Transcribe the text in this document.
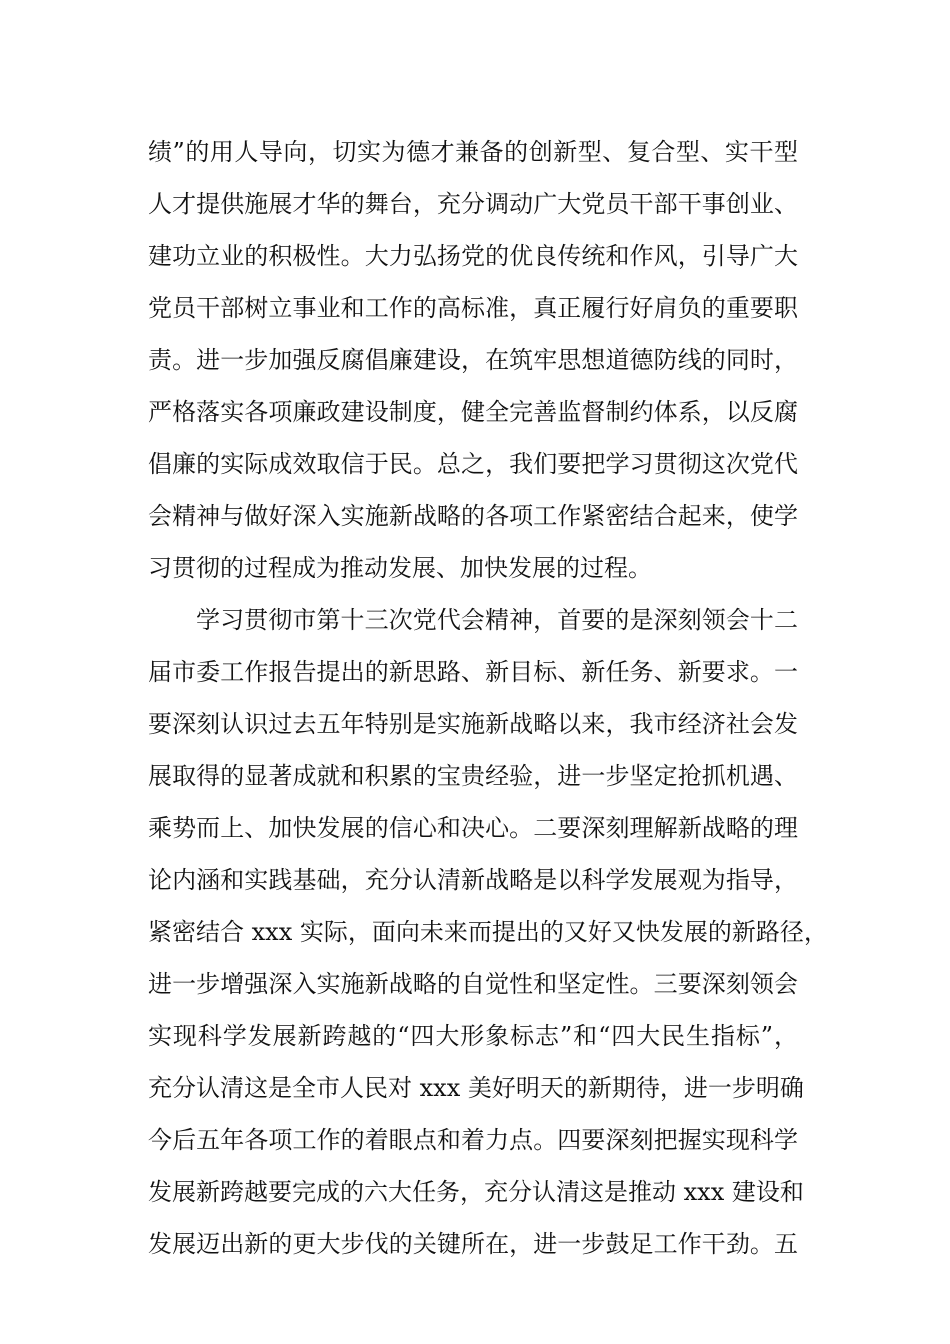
绩”的用人导向，切实为德才兼备的创新型、复合型、实干型
人才提供施展才华的舞台，充分调动广大党员干部干事创业、
建功立业的积极性。大力弘扬党的优良传统和作风，引导广大
党员干部树立事业和工作的高标准，真正履行好肩负的重要职
责。进一步加强反腐倡廉建设，在筑牢思想道德防线的同时，
严格落实各项廉政建设制度，健全完善监督制约体系，以反腐
倡廉的实际成效取信于民。总之，我们要把学习贯彻这次党代
会精神与做好深入实施新战略的各项工作紧密结合起来，使学
习贯彻的过程成为推动发展、加快发展的过程。
学习贯彻市第十三次党代会精神，首要的是深刻领会十二
届市委工作报告提出的新思路、新目标、新任务、新要求。一
要深刻认识过去五年特别是实施新战略以来，我市经济社会发
展取得的显著成就和积累的宝贵经验，进一步坚定抢抓机遇、
乘势而上、加快发展的信心和决心。二要深刻理解新战略的理
论内涵和实践基础，充分认清新战略是以科学发展观为指导，
紧密结合 xxx 实际，面向未来而提出的又好又快发展的新路径，
进一步增强深入实施新战略的自觉性和坚定性。三要深刻领会
实现科学发展新跨越的“四大形象标志”和“四大民生指标”，
充分认清这是全市人民对 xxx 美好明天的新期待，进一步明确
今后五年各项工作的着眼点和着力点。四要深刻把握实现科学
发展新跨越要完成的六大任务，充分认清这是推动 xxx 建设和
发展迈出新的更大步伐的关键所在，进一步鼓足工作干劲。五
